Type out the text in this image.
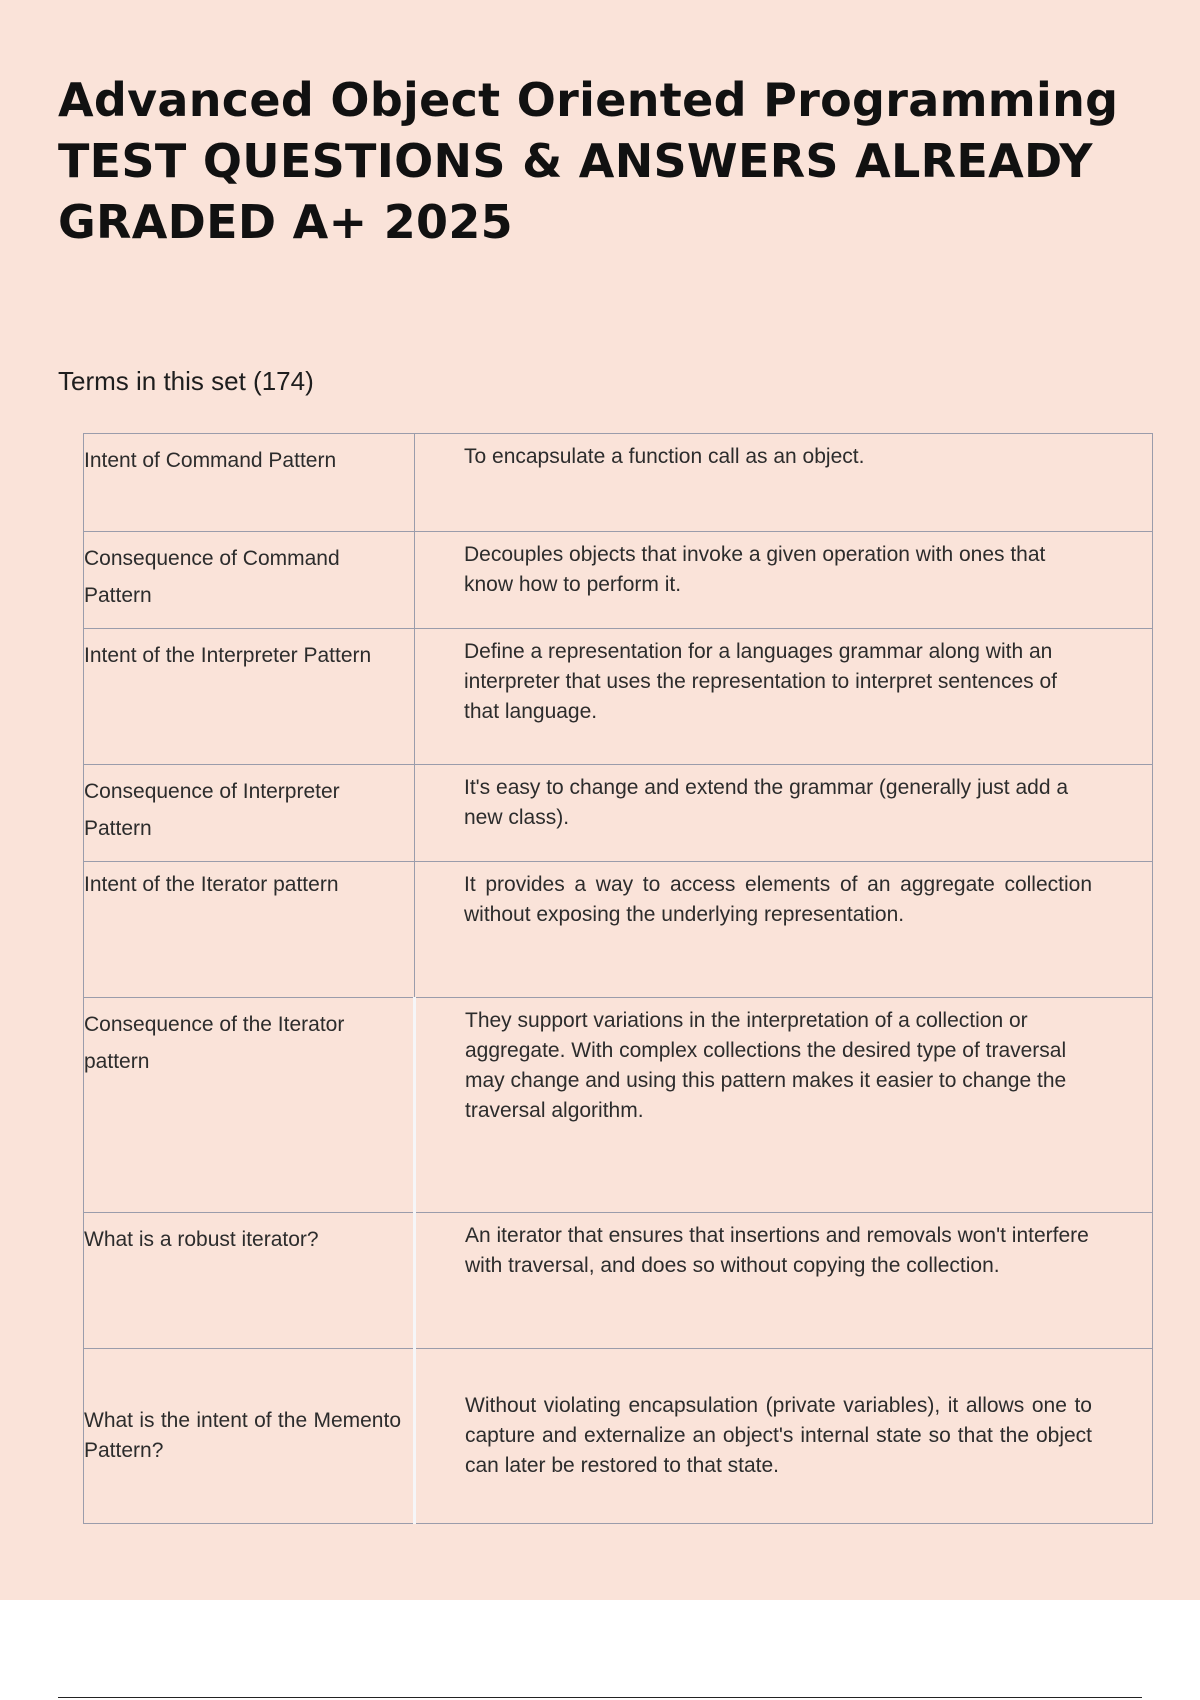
Advanced Object Oriented Programming TEST QUESTIONS & ANSWERS ALREADY GRADED A+ 2025
Terms in this set (174)
Intent of Command Pattern	To encapsulate a function call as an object.
Consequence of Command Pattern	Decouples objects that invoke a given operation with ones that know how to perform it.
Intent of the Interpreter Pattern	Define a representation for a languages grammar along with an interpreter that uses the representation to interpret sentences of that language.
Consequence of Interpreter Pattern	It's easy to change and extend the grammar (generally just add a new class).
Intent of the Iterator pattern	It provides a way to access elements of an aggregate collection without exposing the underlying representation.
Consequence of the Iterator pattern	They support variations in the interpretation of a collection or aggregate. With complex collections the desired type of traversal may change and using this pattern makes it easier to change the traversal algorithm.
What is a robust iterator?	An iterator that ensures that insertions and removals won't interfere with traversal, and does so without copying the collection.
What is the intent of the Memento Pattern?	Without violating encapsulation (private variables), it allows one to capture and externalize an object's internal state so that the object can later be restored to that state.
